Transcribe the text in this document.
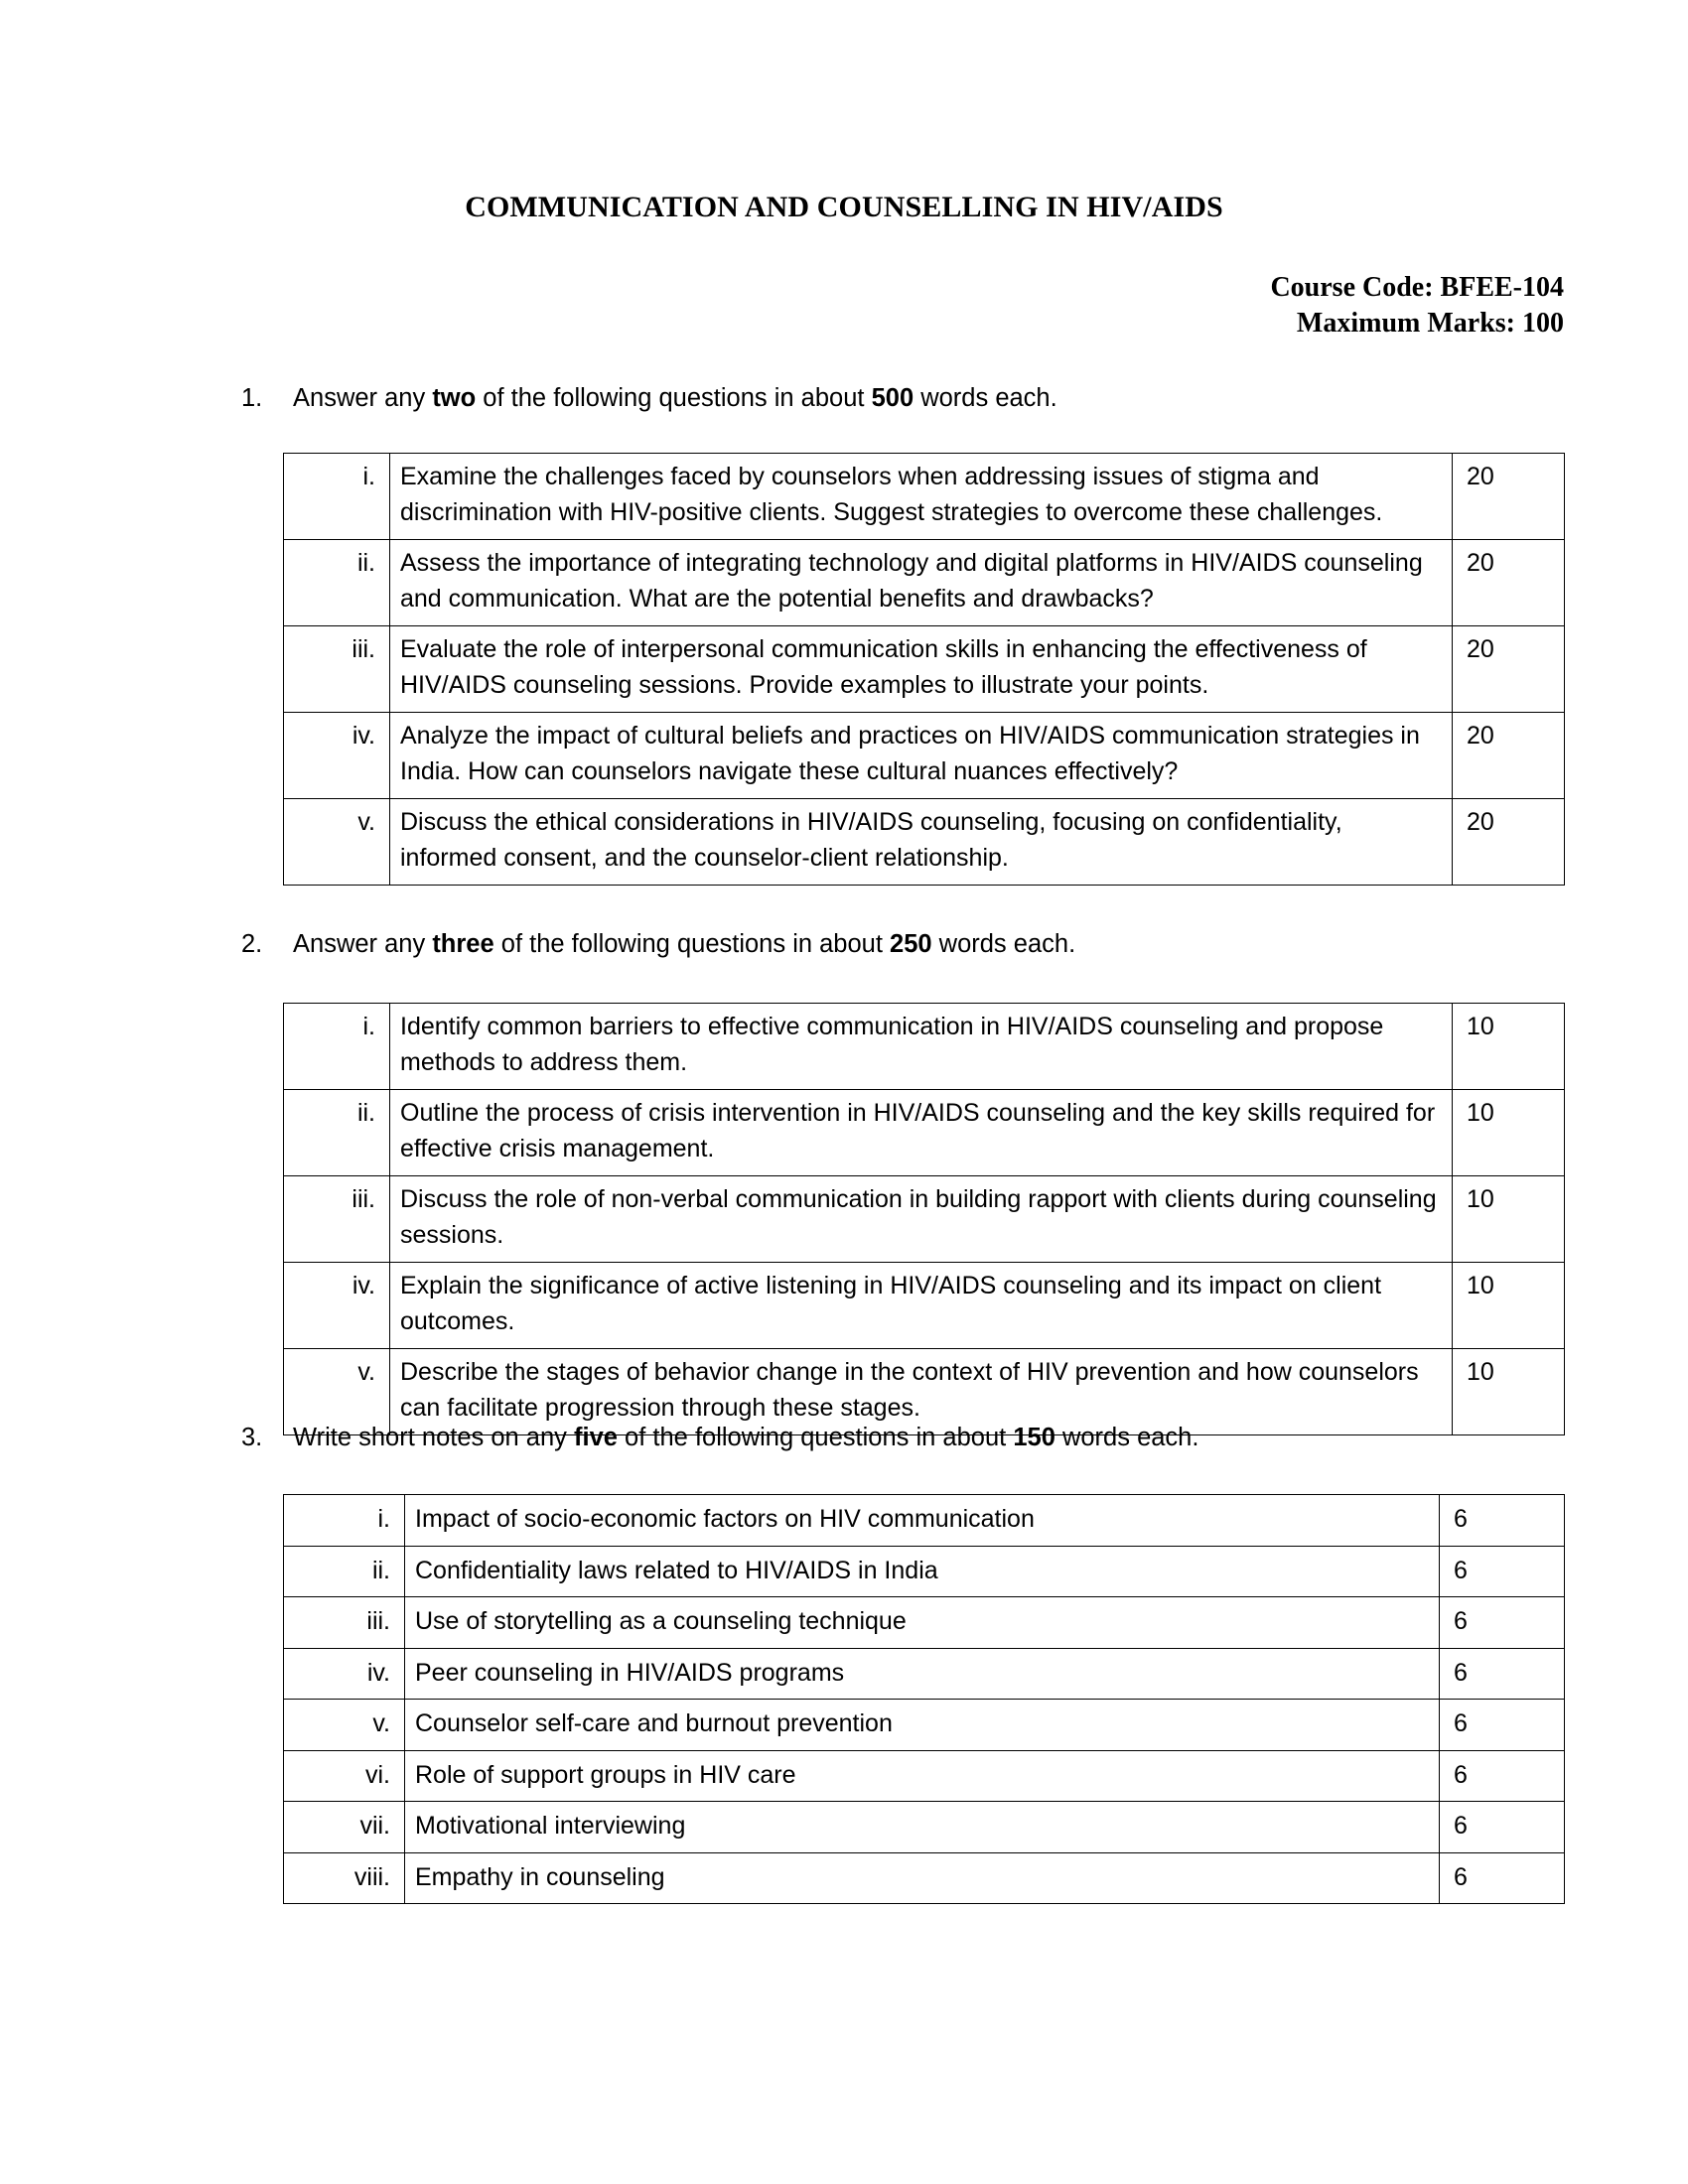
COMMUNICATION AND COUNSELLING IN HIV/AIDS
Course Code: BFEE-104
Maximum Marks: 100
1.	Answer any two of the following questions in about 500 words each.
i.	Examine the challenges faced by counselors when addressing issues of stigma and discrimination with HIV-positive clients. Suggest strategies to overcome these challenges.	20
ii.	Assess the importance of integrating technology and digital platforms in HIV/AIDS counseling and communication. What are the potential benefits and drawbacks?	20
iii.	Evaluate the role of interpersonal communication skills in enhancing the effectiveness of HIV/AIDS counseling sessions. Provide examples to illustrate your points.	20
iv.	Analyze the impact of cultural beliefs and practices on HIV/AIDS communication strategies in India. How can counselors navigate these cultural nuances effectively?	20
v.	Discuss the ethical considerations in HIV/AIDS counseling, focusing on confidentiality, informed consent, and the counselor-client relationship.	20
2.	Answer any three of the following questions in about 250 words each.
i.	Identify common barriers to effective communication in HIV/AIDS counseling and propose methods to address them.	10
ii.	Outline the process of crisis intervention in HIV/AIDS counseling and the key skills required for effective crisis management.	10
iii.	Discuss the role of non-verbal communication in building rapport with clients during counseling sessions.	10
iv.	Explain the significance of active listening in HIV/AIDS counseling and its impact on client outcomes.	10
v.	Describe the stages of behavior change in the context of HIV prevention and how counselors can facilitate progression through these stages.	10
3.	Write short notes on any five of the following questions in about 150 words each.
i.	Impact of socio-economic factors on HIV communication	6
ii.	Confidentiality laws related to HIV/AIDS in India	6
iii.	Use of storytelling as a counseling technique	6
iv.	Peer counseling in HIV/AIDS programs	6
v.	Counselor self-care and burnout prevention	6
vi.	Role of support groups in HIV care	6
vii.	Motivational interviewing	6
viii.	Empathy in counseling	6
